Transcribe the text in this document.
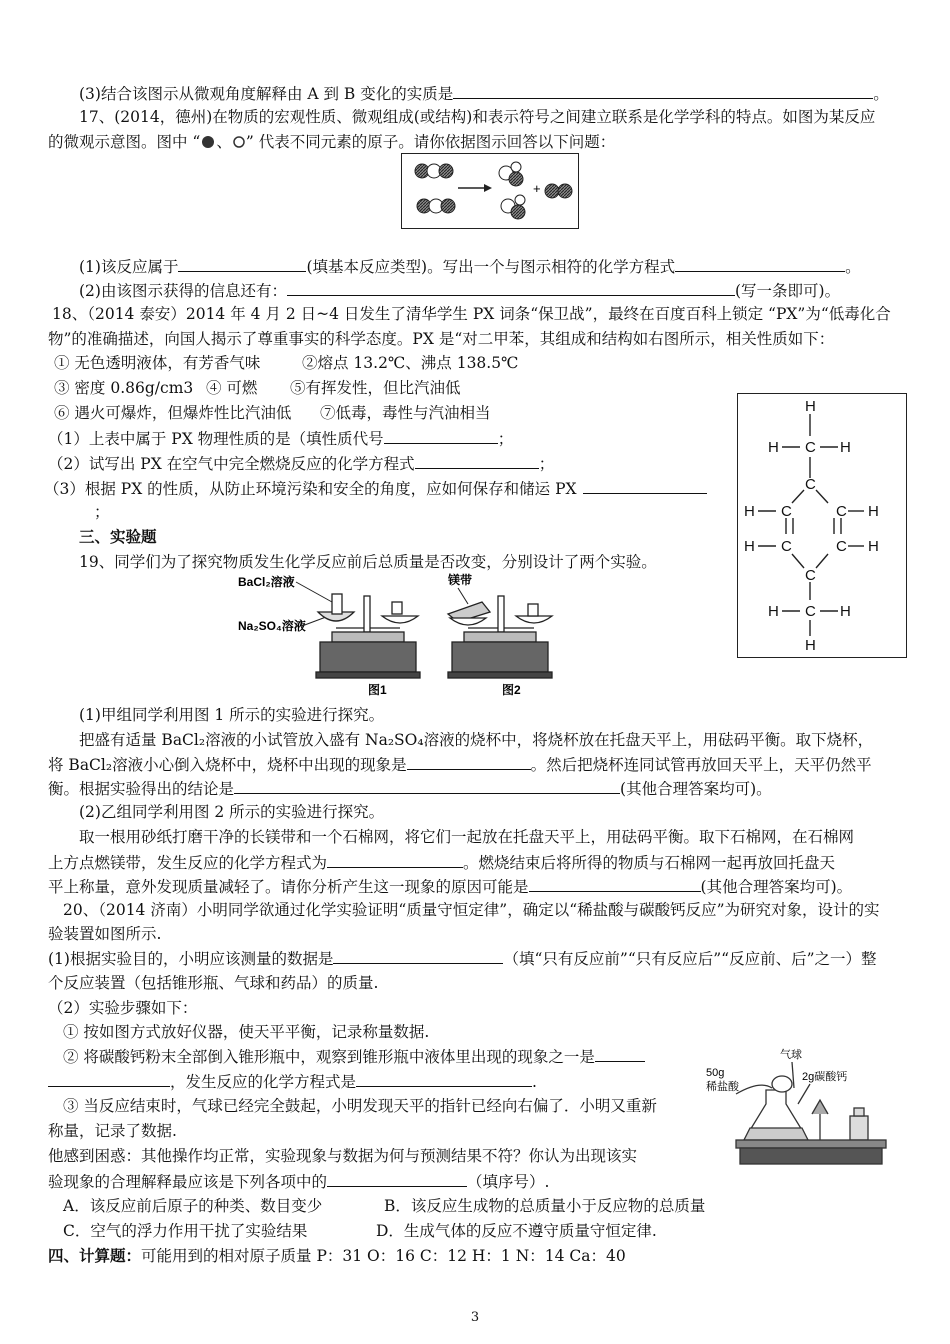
(3)结合该图示从微观角度解释由 A 到 B 变化的实质是	。
17、(2014，德州)在物质的宏观性质、微观组成(或结构)和表示符号之间建立联系是化学学科的特点。如图为某反应
的微观示意图。图中 “ 、 ” 代表不同元素的原子。请你依据图示回答以下问题：
+
(1)该反应属于	(填基本反应类型)。写出一个与图示相符的化学方程式	。
(2)由该图示获得的信息还有：	(写一条即可)。
18、（2014 泰安）2014 年 4 月 2 日~4 日发生了清华学生 PX 词条“保卫战”，最终在百度百科上锁定 “PX”为“低毒化合
物”的准确描述，向国人揭示了尊重事实的科学态度。PX 是“对二甲苯，其组成和结构如右图所示，相关性质如下：
① 无色透明液体，有芳香气味	②熔点 13.2℃、沸点 138.5℃
③ 密度 0.86g/cm3 ④ 可燃 ⑤有挥发性，但比汽油低
⑥ 遇火可爆炸，但爆炸性比汽油低 ⑦低毒，毒性与汽油相当
（1）上表中属于 PX 物理性质的是（填性质代号	；
（2）试写出 PX 在空气中完全燃烧反应的化学方程式	；
（3）根据 PX 的性质，从防止环境污染和安全的角度，应如何保存和储运 PX
；
H
H C H
C
H C	C H
H C	C H
C
H C H
H
三、实验题
19、同学们为了探究物质发生化学反应前后总质量是否改变，分别设计了两个实验。
BaCl₂溶液
Na₂SO₄溶液
图1
镁带
图2
(1)甲组同学利用图 1 所示的实验进行探究。
把盛有适量 BaCl₂溶液的小试管放入盛有 Na₂SO₄溶液的烧杯中，将烧杯放在托盘天平上，用砝码平衡。取下烧杯，
将 BaCl₂溶液小心倒入烧杯中，烧杯中出现的现象是	。然后把烧杯连同试管再放回天平上，天平仍然平
衡。根据实验得出的结论是	(其他合理答案均可)。
(2)乙组同学利用图 2 所示的实验进行探究。
取一根用砂纸打磨干净的长镁带和一个石棉网，将它们一起放在托盘天平上，用砝码平衡。取下石棉网，在石棉网
上方点燃镁带，发生反应的化学方程式为	。燃烧结束后将所得的物质与石棉网一起再放回托盘天
平上称量，意外发现质量减轻了。请你分析产生这一现象的原因可能是	(其他合理答案均可)。
20、（2014 济南）小明同学欲通过化学实验证明“质量守恒定律”，确定以“稀盐酸与碳酸钙反应”为研究对象，设计的实
验装置如图所示.
(1)根据实验目的，小明应该测量的数据是	（填“只有反应前”“只有反应后”“反应前、后”之一）整
个反应装置（包括锥形瓶、气球和药品）的质量.
（2）实验步骤如下：
① 按如图方式放好仪器，使天平平衡，记录称量数据.
② 将碳酸钙粉末全部倒入锥形瓶中，观察到锥形瓶中液体里出现的现象之一是
，发生反应的化学方程式是	.
③ 当反应结束时，气球已经完全鼓起，小明发现天平的指针已经向右偏了．小明又重新
称量，记录了数据.
他感到困惑：其他操作均正常，实验现象与数据为何与预测结果不符？你认为出现该实
验现象的合理解释最应该是下列各项中的	（填序号）.
A．该反应前后原子的种类、数目变少	B．该反应生成物的总质量小于反应物的总质量
C．空气的浮力作用干扰了实验结果	D．生成气体的反应不遵守质量守恒定律.
气球
50g
稀盐酸
2g碳酸钙
四、计算题：可能用到的相对原子质量 P：31 O：16 C：12 H：1 N：14 Ca：40
3
